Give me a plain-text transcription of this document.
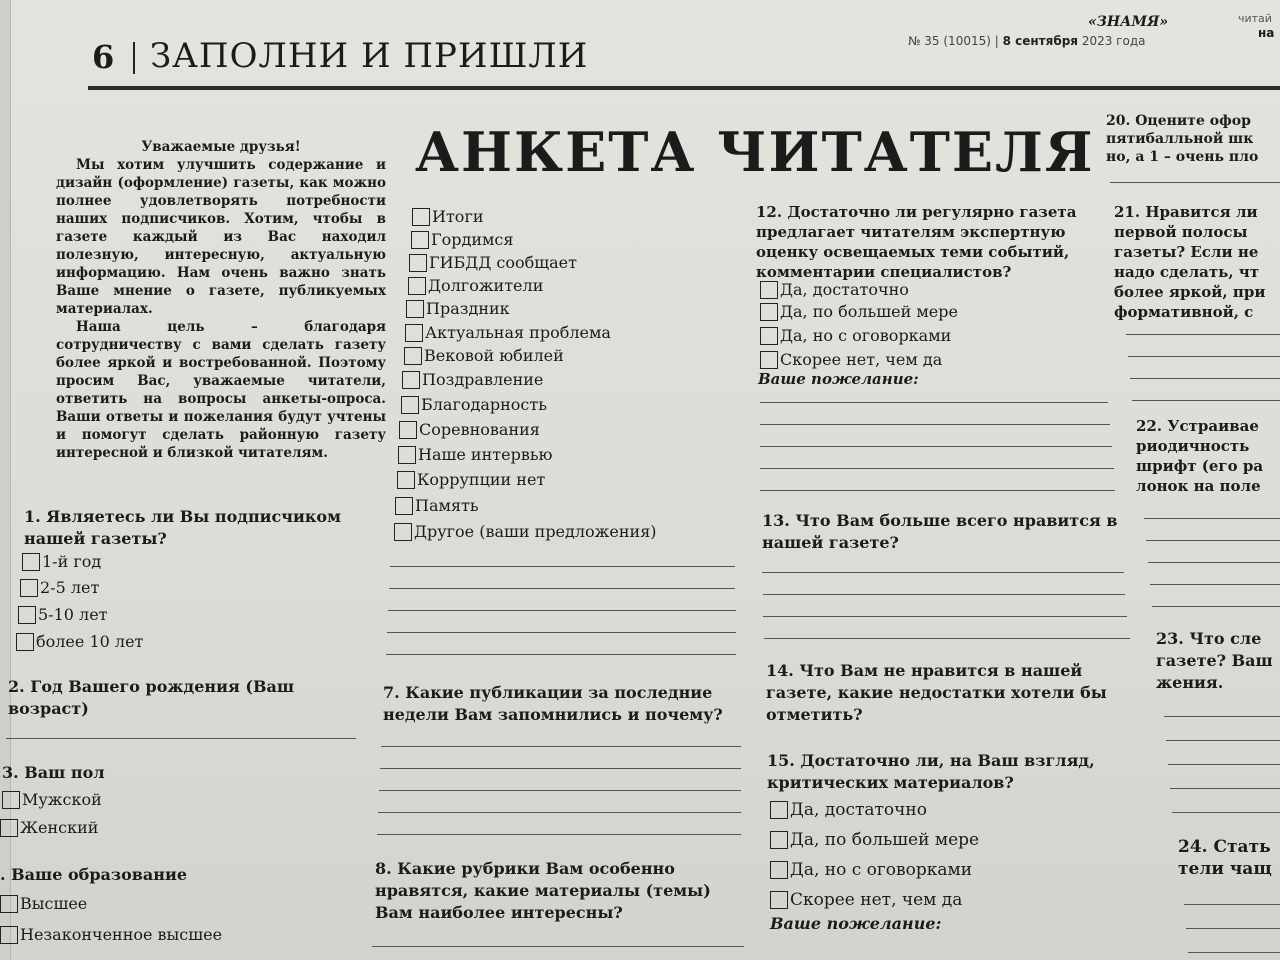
6 ЗАПОЛНИ И ПРИШЛИ
«ЗНАМЯ»
№ 35 (10015) | 8 сентября 2023 года
читай
на
АНКЕТА ЧИТАТЕЛЯ

Уважаемые друзья!

Мы хотим улучшить содержание и дизайн (оформление) газеты, как можно полнее удовлетворять потребности наших подписчиков. Хотим, чтобы в газете каждый из Вас находил полезную, интересную, актуальную информацию. Нам очень важно знать Ваше мнение о газете, публикуемых материалах.

Наша цель – благодаря сотрудничеству с вами сделать газету более яркой и востребованной. Поэтому просим Вас, уважаемые читатели, ответить на вопросы анкеты-опроса. Ваши ответы и пожелания будут учтены и помогут сделать районную газету интересной и близкой читателям.

1. Являетесь ли Вы подписчиком нашей газеты?
1-й год
2-5 лет
5-10 лет
более 10 лет
2. Год Вашего рождения (Ваш возраст)
3. Ваш пол
Мужской
Женский
. Ваше образование
Высшее
Незаконченное высшее
Итоги
Гордимся
ГИБДД сообщает
Долгожители
Праздник
Актуальная проблема
Вековой юбилей
Поздравление
Благодарность
Соревнования
Наше интервью
Коррупции нет
Память
Другое (ваши предложения)
7. Какие публикации за последние недели Вам запомнились и почему?
8. Какие рубрики Вам особенно нравятся, какие материалы (темы) Вам наиболее интересны?
12. Достаточно ли регулярно газета предлагает читателям экспертную оценку освещаемых теми событий, комментарии специалистов?
Да, достаточно
Да, по большей мере
Да, но с оговорками
Скорее нет, чем да
Ваше пожелание:
13. Что Вам больше всего нравится в нашей газете?
14. Что Вам не нравится в нашей газете, какие недостатки хотели бы отметить?
15. Достаточно ли, на Ваш взгляд, критических материалов?
Да, достаточно
Да, по большей мере
Да, но с оговорками
Скорее нет, чем да
Ваше пожелание:
20. Оцените офор пятибалльной шк но, а 1 – очень пло
21. Нравится ли первой полосы газеты? Если не надо сделать, чт более яркой, при формативной, с
22. Устраивае риодичность шрифт (его ра лонок на поле
23. Что сле газете? Ваш жения.
24. Стать тели чащ
